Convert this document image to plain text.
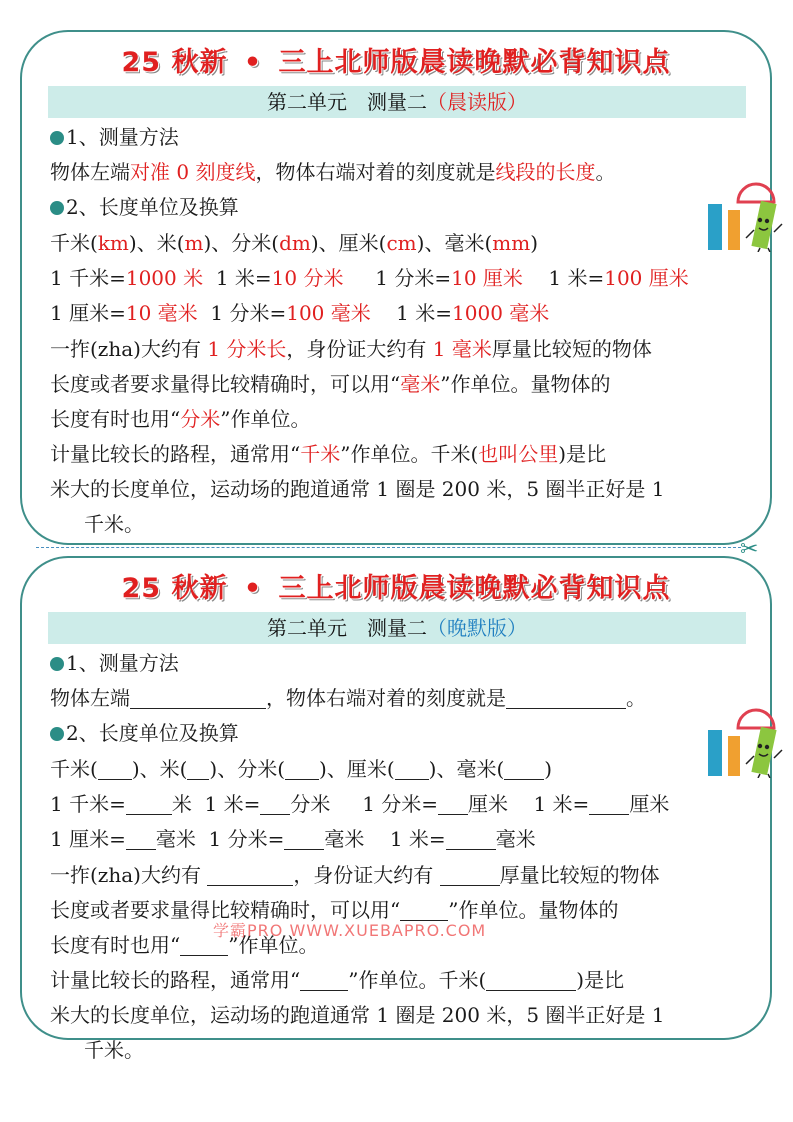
25 秋新 • 三上北师版晨读晚默必背知识点
第二单元　测量二（晨读版）
1、测量方法
物体左端对准 0 刻度线，物体右端对着的刻度就是线段的长度。
2、长度单位及换算
千米(km)、米(m)、分米(dm)、厘米(cm)、毫米(mm)
1 千米=1000 米  1 米=10 分米     1 分米=10 厘米    1 米=100 厘米
1 厘米=10 毫米  1 分米=100 毫米    1 米=1000 毫米
一拃(zha)大约有 1 分米长，身份证大约有 1 毫米厚量比较短的物体
长度或者要求量得比较精确时，可以用“毫米”作单位。量物体的
长度有时也用“分米”作单位。
计量比较长的路程，通常用“千米”作单位。千米(也叫公里)是比
米大的长度单位，运动场的跑道通常 1 圈是 200 米，5 圈半正好是 1
千米。
✂
25 秋新 • 三上北师版晨读晚默必背知识点
第二单元　测量二（晚默版）
1、测量方法
物体左端	，物体右端对着的刻度就是	。
2、长度单位及换算
千米( )、米( )、分米( )、厘米( )、毫米( )
1 千米= 米  1 米= 分米     1 分米= 厘米    1 米= 厘米
1 厘米= 毫米  1 分米= 毫米    1 米=	毫米
一拃(zha)大约有	，身份证大约有	厚量比较短的物体
长度或者要求量得比较精确时，可以用“ ”作单位。量物体的
长度有时也用“ ”作单位。
计量比较长的路程，通常用“ ”作单位。千米(	)是比
米大的长度单位，运动场的跑道通常 1 圈是 200 米，5 圈半正好是 1
千米。
学霸PRO WWW.XUEBAPRO.COM
